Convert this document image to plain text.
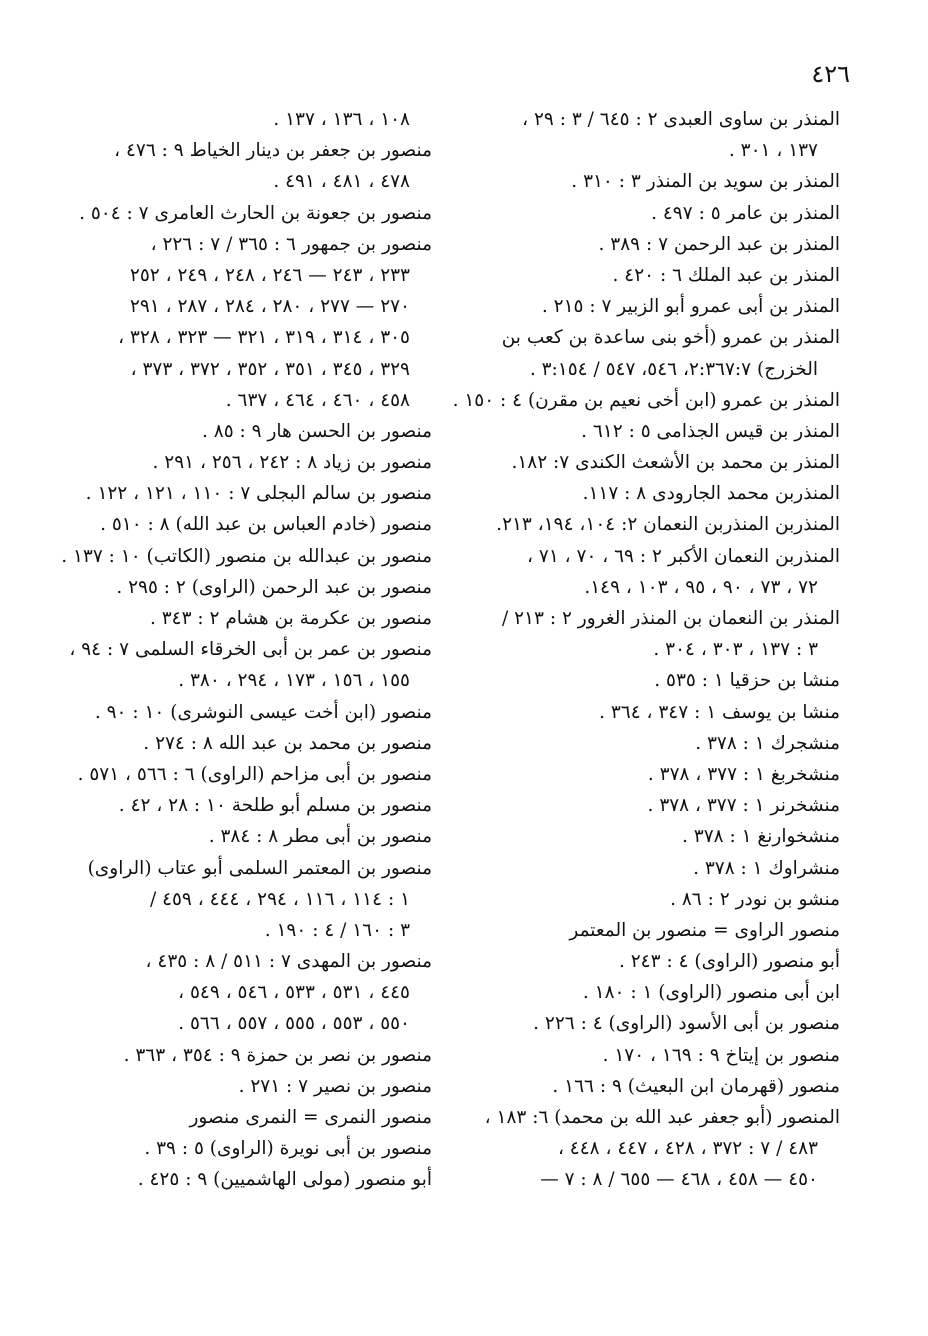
٤٢٦
المنذر بن ساوى العبدى ٢ : ٦٤٥ / ٣ : ٢٩ ،
١٣٧ ، ٣٠١ .
المنذر بن سويد بن المنذر ٣ : ٣١٠ .
المنذر بن عامر ٥ : ٤٩٧ .
المنذر بن عبد الرحمن ٧ : ٣٨٩ .
المنذر بن عبد الملك ٦ : ٤٢٠ .
المنذر بن أبى عمرو أبو الزبير ٧ : ٢١٥ .
المنذر بن عمرو (أخو بنى ساعدة بن كعب بن
الخزرج) ٢:٣٦٧:٧، ٥٤٦، ٥٤٧ / ٣:١٥٤ .
المنذر بن عمرو (ابن أخى نعيم بن مقرن) ٤ : ١٥٠ .
المنذر بن قيس الجذامى ٥ : ٦١٢ .
المنذر بن محمد بن الأشعث الكندى ٧: ١٨٢.
المنذربن محمد الجارودى ٨ : ١١٧.
المنذربن المنذربن النعمان ٢: ١٠٤، ١٩٤، ٢١٣.
المنذربن النعمان الأكبر ٢ : ٦٩ ، ٧٠ ، ٧١ ،
٧٢ ، ٧٣ ، ٩٠ ، ٩٥ ، ١٠٣ ، ١٤٩.
المنذر بن النعمان بن المنذر الغرور ٢ : ٢١٣ /
٣ : ١٣٧ ، ٣٠٣ ، ٣٠٤ .
منشا بن حزقيا ١ : ٥٣٥ .
منشا بن يوسف ١ : ٣٤٧ ، ٣٦٤ .
منشجرك ١ : ٣٧٨ .
منشخربغ ١ : ٣٧٧ ، ٣٧٨ .
منشخرنر ١ : ٣٧٧ ، ٣٧٨ .
منشخوارنغ ١ : ٣٧٨ .
منشراوك ١ : ٣٧٨ .
منشو بن نودر ٢ : ٨٦ .
منصور الراوى = منصور بن المعتمر
أبو منصور (الراوى) ٤ : ٢٤٣ .
ابن أبى منصور (الراوى) ١ : ١٨٠ .
منصور بن أبى الأسود (الراوى) ٤ : ٢٢٦ .
منصور بن إيتاخ ٩ : ١٦٩ ، ١٧٠ .
منصور (قهرمان ابن البعيث) ٩ : ١٦٦ .
المنصور (أبو جعفر عبد الله بن محمد) ٦: ١٨٣ ،
٤٨٣ / ٧ : ٣٧٢ ، ٤٢٨ ، ٤٤٧ ، ٤٤٨ ،
٤٥٠ — ٤٥٨ ، ٤٦٨ — ٦٥٥ / ٨ : ٧ —
١٠٨ ، ١٣٦ ، ١٣٧ .
منصور بن جعفر بن دينار الخياط ٩ : ٤٧٦ ،
٤٧٨ ، ٤٨١ ، ٤٩١ .
منصور بن جعونة بن الحارث العامرى ٧ : ٥٠٤ .
منصور بن جمهور ٦ : ٣٦٥ / ٧ : ٢٢٦ ،
٢٣٣ ، ٢٤٣ — ٢٤٦ ، ٢٤٨ ، ٢٤٩ ، ٢٥٢
٢٧٠ — ٢٧٧ ، ٢٨٠ ، ٢٨٤ ، ٢٨٧ ، ٢٩١
٣٠٥ ، ٣١٤ ، ٣١٩ ، ٣٢١ — ٣٢٣ ، ٣٢٨ ،
٣٢٩ ، ٣٤٥ ، ٣٥١ ، ٣٥٢ ، ٣٧٢ ، ٣٧٣ ،
٤٥٨ ، ٤٦٠ ، ٤٦٤ ، ٦٣٧ .
منصور بن الحسن هار ٩ : ٨٥ .
منصور بن زياد ٨ : ٢٤٢ ، ٢٥٦ ، ٢٩١ .
منصور بن سالم البجلى ٧ : ١١٠ ، ١٢١ ، ١٢٢ .
منصور (خادم العباس بن عبد الله) ٨ : ٥١٠ .
منصور بن عبدالله بن منصور (الكاتب) ١٠ : ١٣٧ .
منصور بن عبد الرحمن (الراوى) ٢ : ٢٩٥ .
منصور بن عكرمة بن هشام ٢ : ٣٤٣ .
منصور بن عمر بن أبى الخرقاء السلمى ٧ : ٩٤ ،
١٥٥ ، ١٥٦ ، ١٧٣ ، ٢٩٤ ، ٣٨٠ .
منصور (ابن أخت عيسى النوشرى) ١٠ : ٩٠ .
منصور بن محمد بن عبد الله ٨ : ٢٧٤ .
منصور بن أبى مزاحم (الراوى) ٦ : ٥٦٦ ، ٥٧١ .
منصور بن مسلم أبو طلحة ١٠ : ٢٨ ، ٤٢ .
منصور بن أبى مطر ٨ : ٣٨٤ .
منصور بن المعتمر السلمى أبو عتاب (الراوى)
١ : ١١٤ ، ١١٦ ، ٢٩٤ ، ٤٤٤ ، ٤٥٩ /
٣ : ١٦٠ / ٤ : ١٩٠ .
منصور بن المهدى ٧ : ٥١١ / ٨ : ٤٣٥ ،
٤٤٥ ، ٥٣١ ، ٥٣٣ ، ٥٤٦ ، ٥٤٩ ،
٥٥٠ ، ٥٥٣ ، ٥٥٥ ، ٥٥٧ ، ٥٦٦ .
منصور بن نصر بن حمزة ٩ : ٣٥٤ ، ٣٦٣ .
منصور بن نصير ٧ : ٢٧١ .
منصور النمرى = النمرى منصور
منصور بن أبى نويرة (الراوى) ٥ : ٣٩ .
أبو منصور (مولى الهاشميين) ٩ : ٤٢٥ .
